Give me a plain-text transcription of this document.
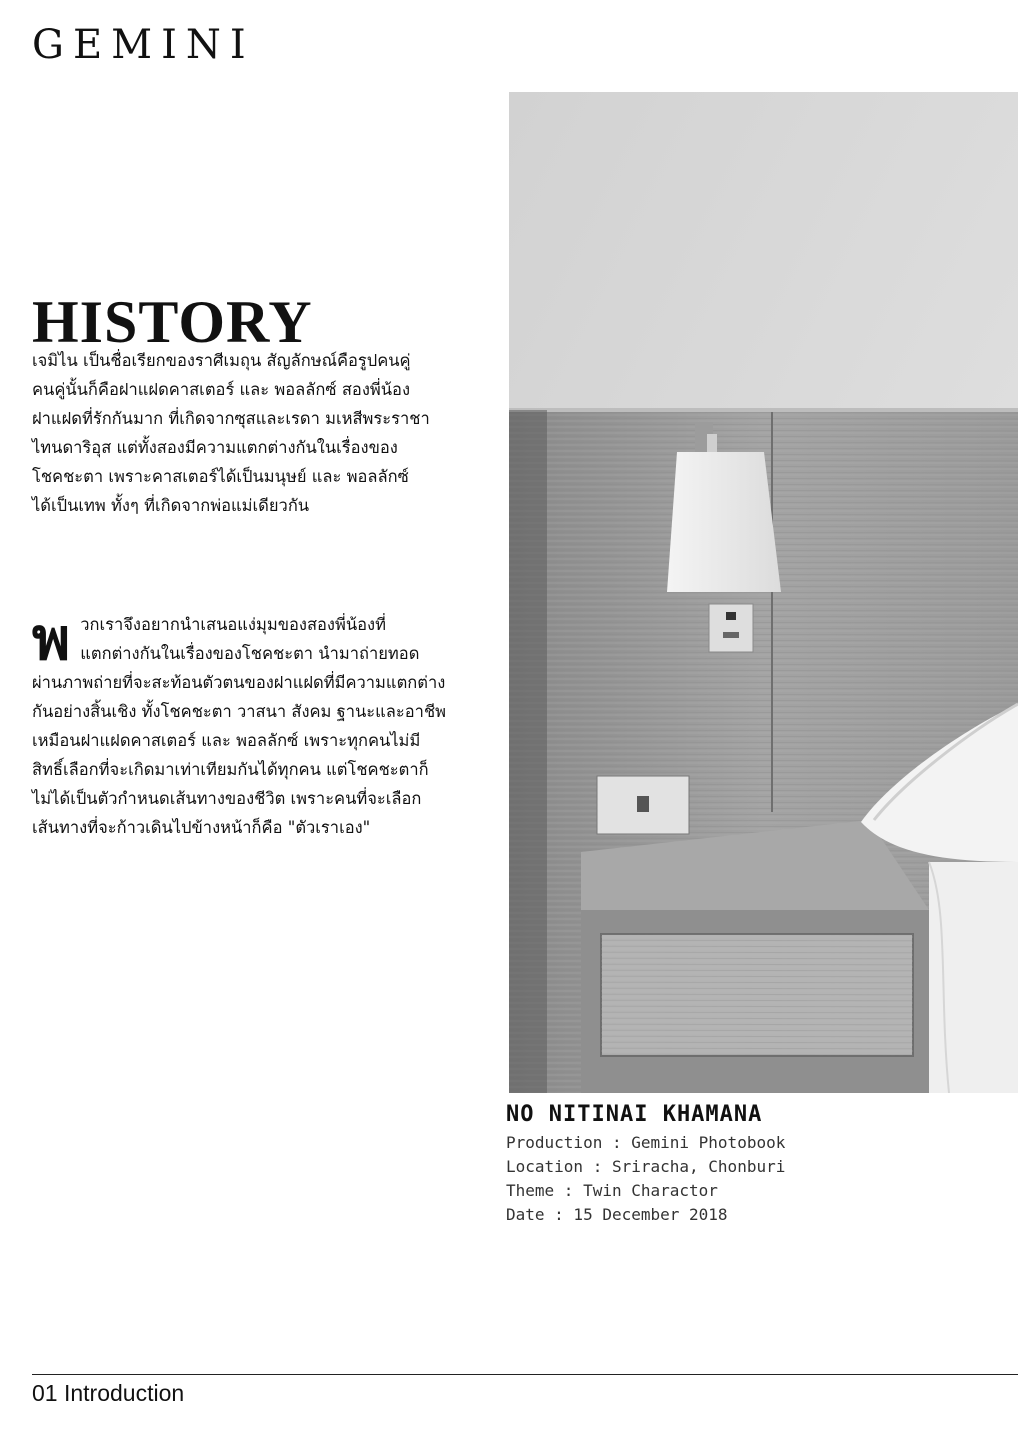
GEMINI
HISTORY
เจมิไน เป็นชื่อเรียกของราศีเมถุน สัญลักษณ์คือรูปคนคู่
คนคู่นั้นก็คือฝาแฝดคาสเตอร์ และ พอลลักซ์ สองพี่น้อง
ฝาแฝดที่รักกันมาก ที่เกิดจากซุสและเรดา มเหสีพระราชา
ไทนดาริอุส แต่ทั้งสองมีความแตกต่างกันในเรื่องของ
โชคชะตา เพราะคาสเตอร์ได้เป็นมนุษย์ และ พอลลักซ์
ได้เป็นเทพ ทั้งๆ ที่เกิดจากพ่อแม่เดียวกัน
พ วกเราจึงอยากนำเสนอแง่มุมของสองพี่น้องที่
แตกต่างกันในเรื่องของโชคชะตา นำมาถ่ายทอด
ผ่านภาพถ่ายที่จะสะท้อนตัวตนของฝาแฝดที่มีความแตกต่าง
กันอย่างสิ้นเชิง ทั้งโชคชะตา วาสนา สังคม ฐานะและอาชีพ
เหมือนฝาแฝดคาสเตอร์ และ พอลลักซ์ เพราะทุกคนไม่มี
สิทธิ์เลือกที่จะเกิดมาเท่าเทียมกันได้ทุกคน แต่โชคชะตาก็
ไม่ได้เป็นตัวกำหนดเส้นทางของชีวิต เพราะคนที่จะเลือก
เส้นทางที่จะก้าวเดินไปข้างหน้าก็คือ "ตัวเราเอง"
NO NITINAI KHAMANA
Production : Gemini Photobook
Location : Sriracha, Chonburi
Theme : Twin Charactor
Date : 15 December 2018
01 Introduction
